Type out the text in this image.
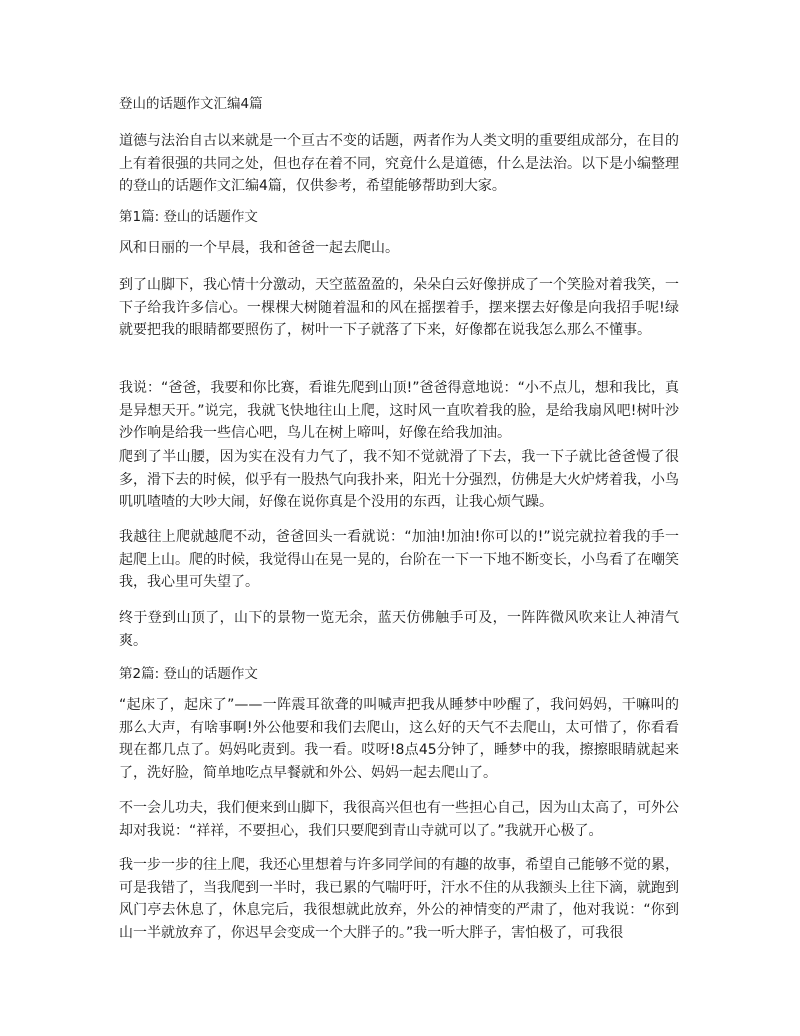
登山的话题作文汇编4篇

道德与法治自古以来就是一个亘古不变的话题，两者作为人类文明的重要组成部分，在目的上有着很强的共同之处，但也存在着不同，究竟什么是道德，什么是法治。以下是小编整理的登山的话题作文汇编4篇，仅供参考，希望能够帮助到大家。

第1篇: 登山的话题作文

风和日丽的一个早晨，我和爸爸一起去爬山。

到了山脚下，我心情十分激动，天空蓝盈盈的，朵朵白云好像拼成了一个笑脸对着我笑，一下子给我许多信心。一棵棵大树随着温和的风在摇摆着手，摆来摆去好像是向我招手呢!绿就要把我的眼睛都要照伤了，树叶一下子就落了下来，好像都在说我怎么那么不懂事。

我说：“爸爸，我要和你比赛，看谁先爬到山顶!”爸爸得意地说：“小不点儿，想和我比，真是异想天开。”说完，我就飞快地往山上爬，这时风一直吹着我的脸，是给我扇风吧!树叶沙沙作响是给我一些信心吧，鸟儿在树上啼叫，好像在给我加油。

爬到了半山腰，因为实在没有力气了，我不知不觉就滑了下去，我一下子就比爸爸慢了很多，滑下去的时候，似乎有一股热气向我扑来，阳光十分强烈，仿佛是大火炉烤着我，小鸟叽叽喳喳的大吵大闹，好像在说你真是个没用的东西，让我心烦气躁。

我越往上爬就越爬不动，爸爸回头一看就说：“加油!加油!你可以的!”说完就拉着我的手一起爬上山。爬的时候，我觉得山在晃一晃的，台阶在一下一下地不断变长，小鸟看了在嘲笑我，我心里可失望了。

终于登到山顶了，山下的景物一览无余，蓝天仿佛触手可及，一阵阵微风吹来让人神清气爽。

第2篇: 登山的话题作文

“起床了，起床了”——一阵震耳欲聋的叫喊声把我从睡梦中吵醒了，我问妈妈，干嘛叫的那么大声，有啥事啊!外公他要和我们去爬山，这么好的天气不去爬山，太可惜了，你看看现在都几点了。妈妈叱责到。我一看。哎呀!8点45分钟了，睡梦中的我，擦擦眼睛就起来了，洗好脸，简单地吃点早餐就和外公、妈妈一起去爬山了。

不一会儿功夫，我们便来到山脚下，我很高兴但也有一些担心自己，因为山太高了，可外公却对我说：“祥祥，不要担心，我们只要爬到青山寺就可以了。”我就开心极了。

我一步一步的往上爬，我还心里想着与许多同学间的有趣的故事，希望自己能够不觉的累，可是我错了，当我爬到一半时，我已累的气喘吁吁，汗水不住的从我额头上往下滴，就跑到风门亭去休息了，休息完后，我很想就此放弃，外公的神情变的严肃了，他对我说：“你到山一半就放弃了，你迟早会变成一个大胖子的。”我一听大胖子，害怕极了，可我很
